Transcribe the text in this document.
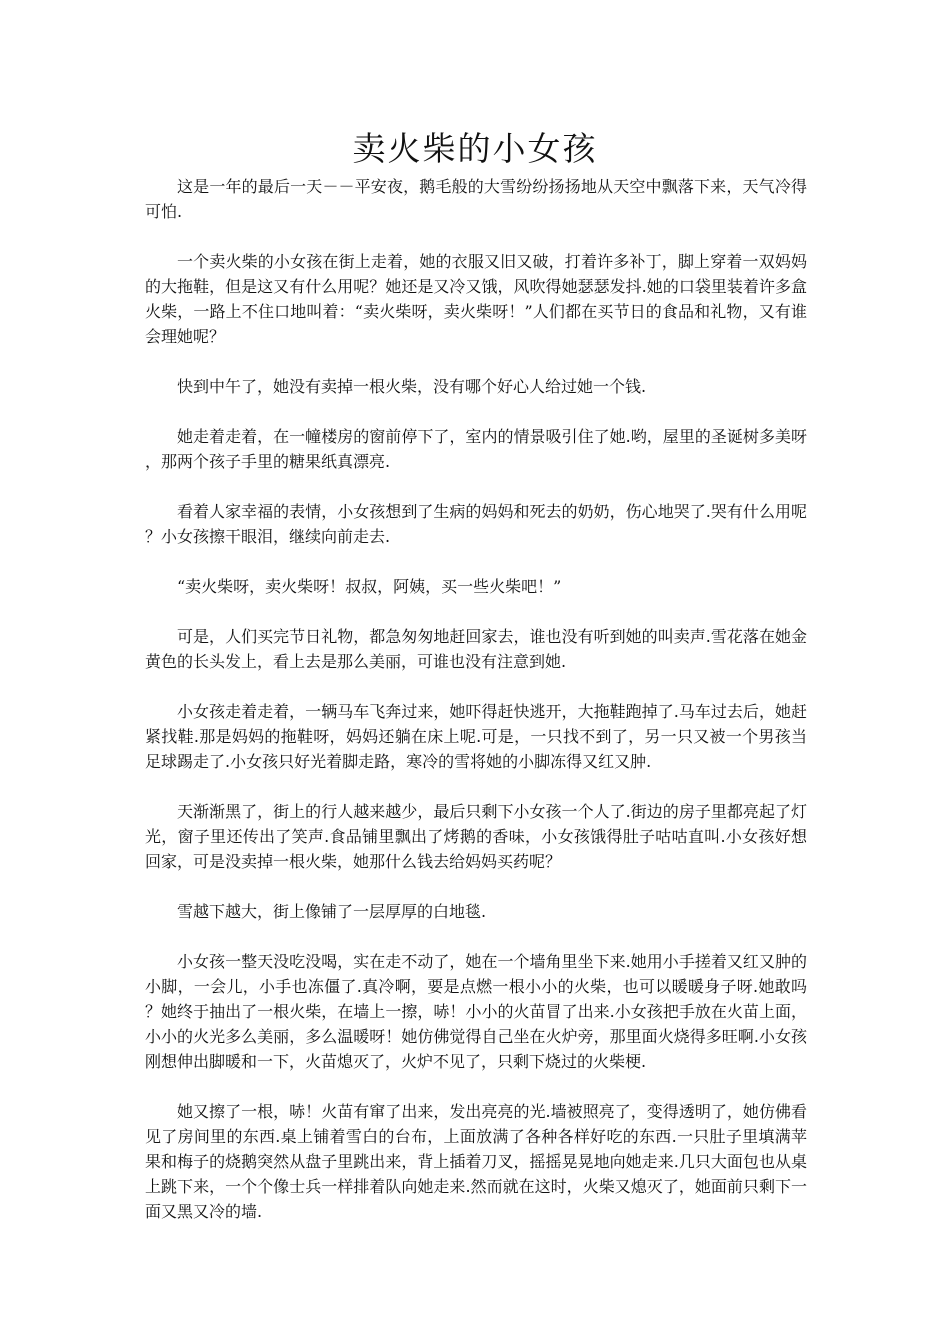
卖火柴的小女孩

这是一年的最后一天－－平安夜，鹅毛般的大雪纷纷扬扬地从天空中飘落下来，天气冷得可怕.

一个卖火柴的小女孩在街上走着，她的衣服又旧又破，打着许多补丁，脚上穿着一双妈妈的大拖鞋，但是这又有什么用呢？她还是又冷又饿，风吹得她瑟瑟发抖.她的口袋里装着许多盒火柴，一路上不住口地叫着：“卖火柴呀，卖火柴呀！”人们都在买节日的食品和礼物，又有谁会理她呢？

快到中午了，她没有卖掉一根火柴，没有哪个好心人给过她一个钱.

她走着走着，在一幢楼房的窗前停下了，室内的情景吸引住了她.哟，屋里的圣诞树多美呀，那两个孩子手里的糖果纸真漂亮.

看着人家幸福的表情，小女孩想到了生病的妈妈和死去的奶奶，伤心地哭了.哭有什么用呢？小女孩擦干眼泪，继续向前走去.

“卖火柴呀，卖火柴呀！叔叔，阿姨，买一些火柴吧！”

可是，人们买完节日礼物，都急匆匆地赶回家去，谁也没有听到她的叫卖声.雪花落在她金黄色的长头发上，看上去是那么美丽，可谁也没有注意到她.

小女孩走着走着，一辆马车飞奔过来，她吓得赶快逃开，大拖鞋跑掉了.马车过去后，她赶紧找鞋.那是妈妈的拖鞋呀，妈妈还躺在床上呢.可是，一只找不到了，另一只又被一个男孩当足球踢走了.小女孩只好光着脚走路，寒冷的雪将她的小脚冻得又红又肿.

天渐渐黑了，街上的行人越来越少，最后只剩下小女孩一个人了.街边的房子里都亮起了灯光，窗子里还传出了笑声.食品铺里飘出了烤鹅的香味，小女孩饿得肚子咕咕直叫.小女孩好想回家，可是没卖掉一根火柴，她那什么钱去给妈妈买药呢？

雪越下越大，街上像铺了一层厚厚的白地毯.

小女孩一整天没吃没喝，实在走不动了，她在一个墙角里坐下来.她用小手搓着又红又肿的小脚，一会儿，小手也冻僵了.真冷啊，要是点燃一根小小的火柴，也可以暖暖身子呀.她敢吗？她终于抽出了一根火柴，在墙上一擦，哧！小小的火苗冒了出来.小女孩把手放在火苗上面，小小的火光多么美丽，多么温暖呀！她仿佛觉得自己坐在火炉旁，那里面火烧得多旺啊.小女孩刚想伸出脚暖和一下，火苗熄灭了，火炉不见了，只剩下烧过的火柴梗.

她又擦了一根，哧！火苗有窜了出来，发出亮亮的光.墙被照亮了，变得透明了，她仿佛看见了房间里的东西.桌上铺着雪白的台布，上面放满了各种各样好吃的东西.一只肚子里填满苹果和梅子的烧鹅突然从盘子里跳出来，背上插着刀叉，摇摇晃晃地向她走来.几只大面包也从桌上跳下来，一个个像士兵一样排着队向她走来.然而就在这时，火柴又熄灭了，她面前只剩下一面又黑又冷的墙.
